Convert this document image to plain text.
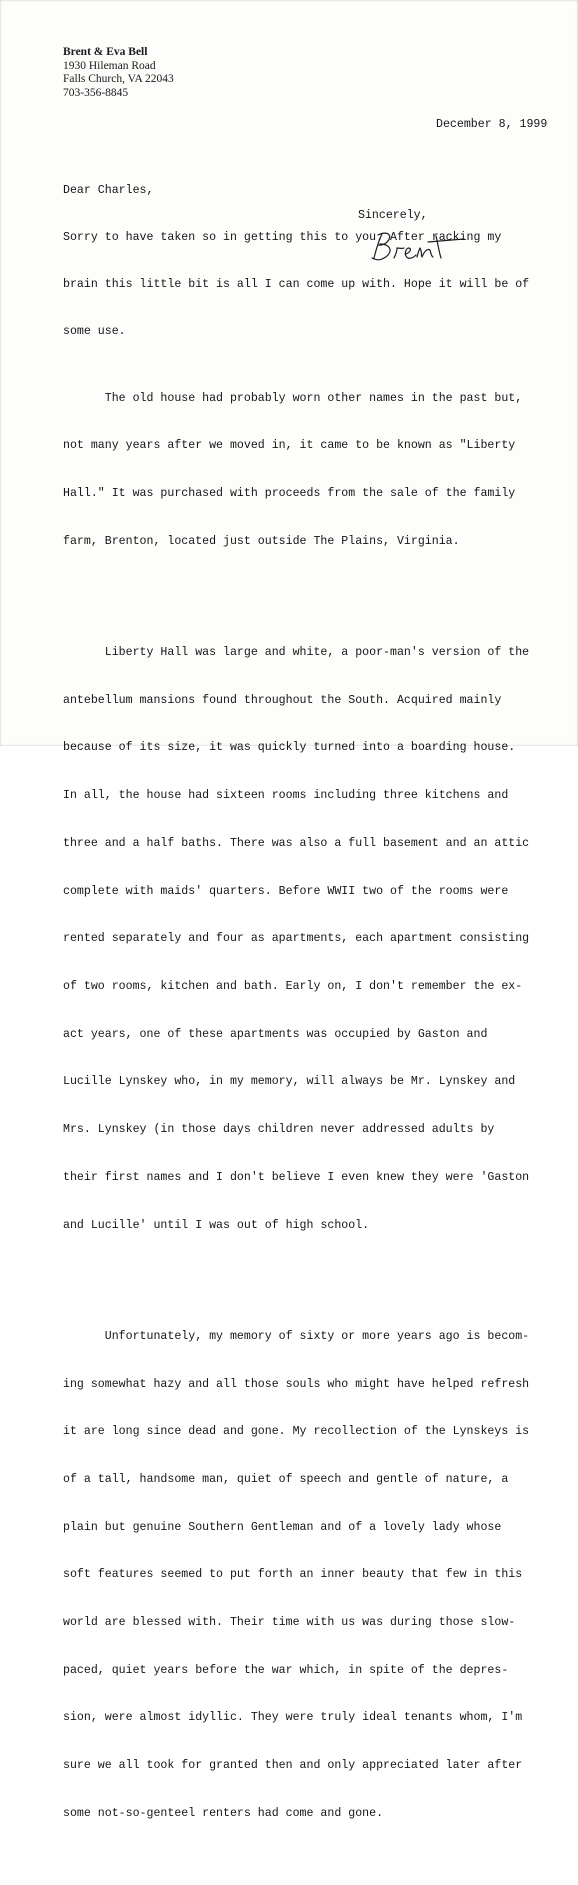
Brent & Eva Bell
1930 Hileman Road
Falls Church, VA 22043
703-356-8845
December 8, 1999

Dear Charles,

Sorry to have taken so in getting this to you. After racking my

brain this little bit is all I can come up with. Hope it will be of

some use.

Sincerely,

The old house had probably worn other names in the past but,

not many years after we moved in, it came to be known as "Liberty

Hall." It was purchased with proceeds from the sale of the family

farm, Brenton, located just outside The Plains, Virginia.

Liberty Hall was large and white, a poor-man's version of the

antebellum mansions found throughout the South. Acquired mainly

because of its size, it was quickly turned into a boarding house.

In all, the house had sixteen rooms including three kitchens and

three and a half baths. There was also a full basement and an attic

complete with maids' quarters. Before WWII two of the rooms were

rented separately and four as apartments, each apartment consisting

of two rooms, kitchen and bath. Early on, I don't remember the ex-

act years, one of these apartments was occupied by Gaston and

Lucille Lynskey who, in my memory, will always be Mr. Lynskey and

Mrs. Lynskey (in those days children never addressed adults by

their first names and I don't believe I even knew they were 'Gaston

and Lucille' until I was out of high school.

Unfortunately, my memory of sixty or more years ago is becom-

ing somewhat hazy and all those souls who might have helped refresh

it are long since dead and gone. My recollection of the Lynskeys is

of a tall, handsome man, quiet of speech and gentle of nature, a

plain but genuine Southern Gentleman and of a lovely lady whose

soft features seemed to put forth an inner beauty that few in this

world are blessed with. Their time with us was during those slow-

paced, quiet years before the war which, in spite of the depres-

sion, were almost idyllic. They were truly ideal tenants whom, I'm

sure we all took for granted then and only appreciated later after

some not-so-genteel renters had come and gone.
